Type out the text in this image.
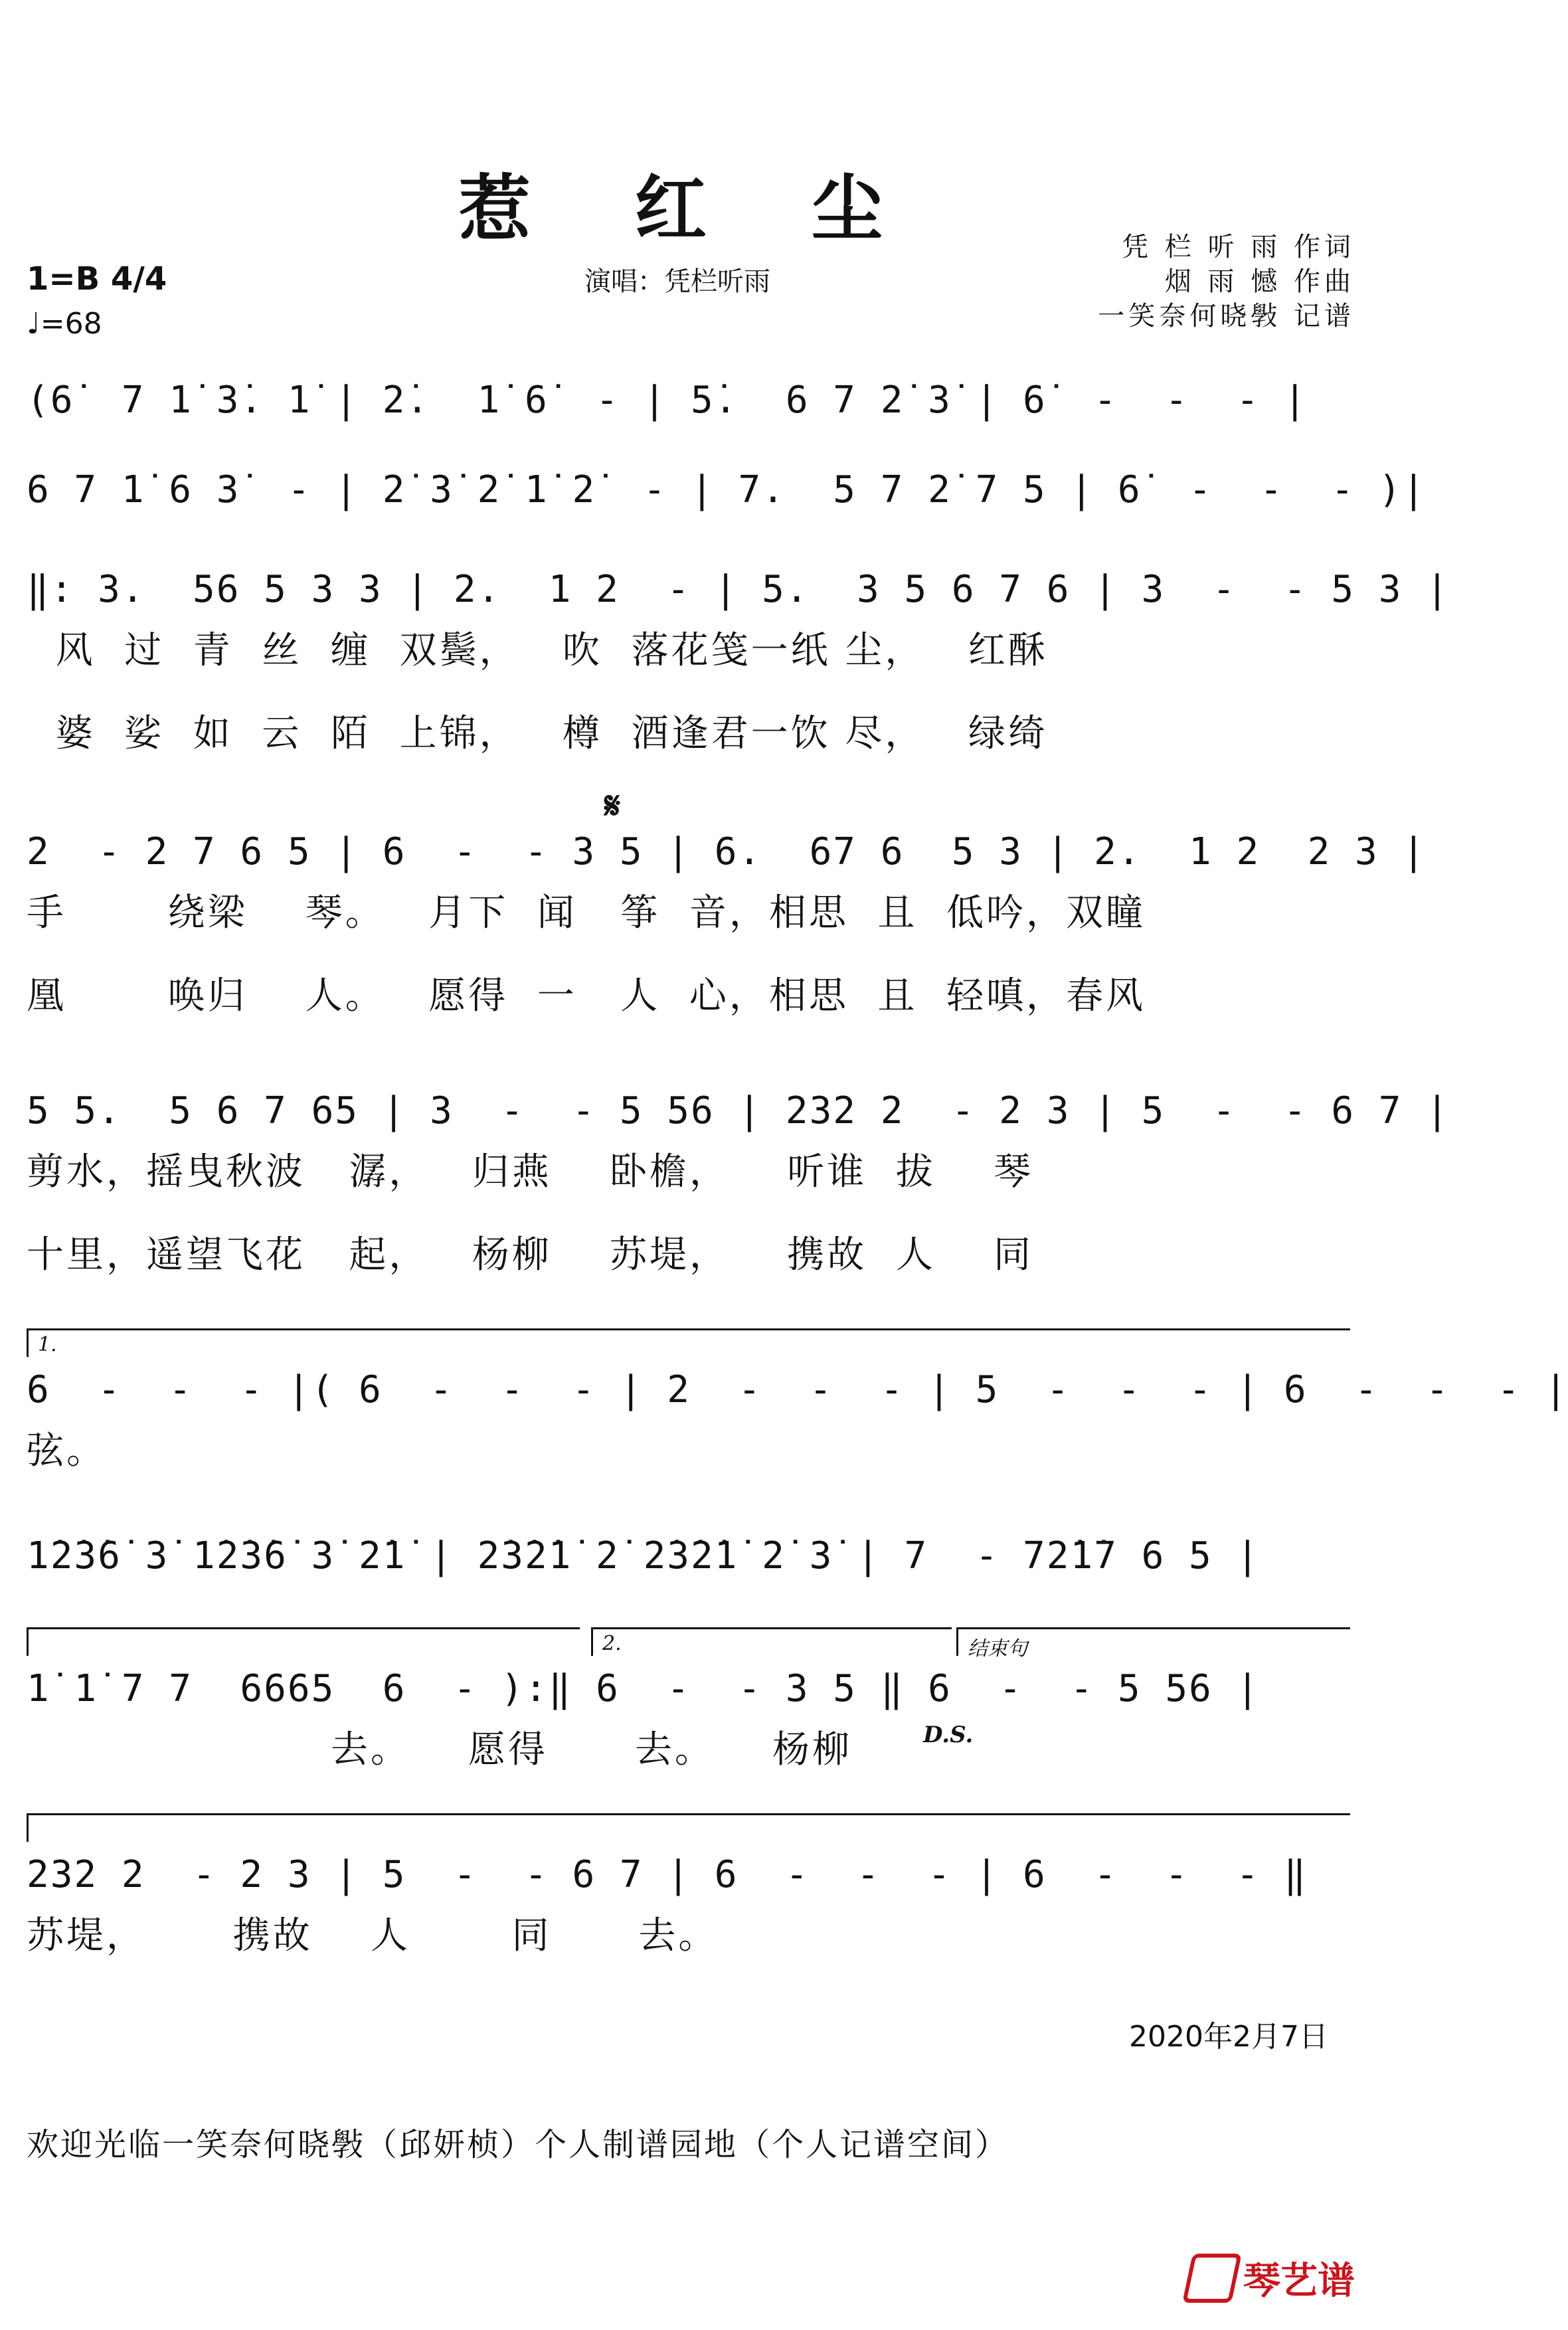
惹 红 尘
1=B 4/4
♩=68
演唱：凭栏听雨
凭 栏 听 雨 作词
烟 雨 憾 作曲
一笑奈何晓斅 记谱
(6̇  7 1̇ 3̇. 1̇ | 2̇.  1̇ 6̇  - | 5̇.  6 7 2̇ 3̇ | 6̇  -  -  - |
6 7 1̇ 6 3̇  - | 2̇ 3̇ 2̇ 1̇ 2̇  - | 7.  5 7 2̇ 7 5 | 6̇  -  -  - )|
‖: 3.  56 5 3 3 | 2.  1 2  - | 5.  3 5 6 7 6 | 3  -  - 5 3 |
风  过  青  丝  缠  双鬓，   吹  落花笺一纸 尘，   红酥
婆  娑  如  云  陌  上锦，   樽  酒逢君一饮 尽，   绿绮
𝄋
2  - 2 7 6 5 | 6  -  - 3 5 | 6.  67 6  5 3 | 2.  1 2  2 3 |
手       绕梁    琴。   月下  闻   筝  音，相思  且  低吟，双瞳
凰       唤归    人。   愿得  一   人  心，相思  且  轻嗔，春风
5 5.  5 6 7 65 | 3  -  - 5 56 | 232 2  - 2 3 | 5  -  - 6 7 |
剪水，摇曳秋波   潺，   归燕    卧檐，    听谁  拔    琴
十里，遥望飞花   起，   杨柳    苏堤，    携故  人    同
1.
6  -  -  - |( 6  -  -  - | 2  -  -  - | 5  -  -  - | 6  -  -  - |
弦。
1̇2̇3̇6̇ 3̇ 1̇2̇3̇6̇ 3̇ 2̇1̇ | 2̇3̇2̇1̇ 2̇ 2̇3̇2̇1̇ 2̇ 3̇ | 7  - 72̇1̇7 6 5 |
2.	结束句
1̇ 1̇ 7 7  6665  6  - ):‖ 6  -  - 3 5 ‖ 6  -  - 5 56 |
去。    愿得      去。    杨柳	D.S.
232 2  - 2 3 | 5  -  - 6 7 | 6  -  -  - | 6  -  -  - ‖
苏堤，      携故    人       同      去。
2020年2月7日
欢迎光临一笑奈何晓斅（邱妍桢）个人制谱园地（个人记谱空间）
琴艺谱
